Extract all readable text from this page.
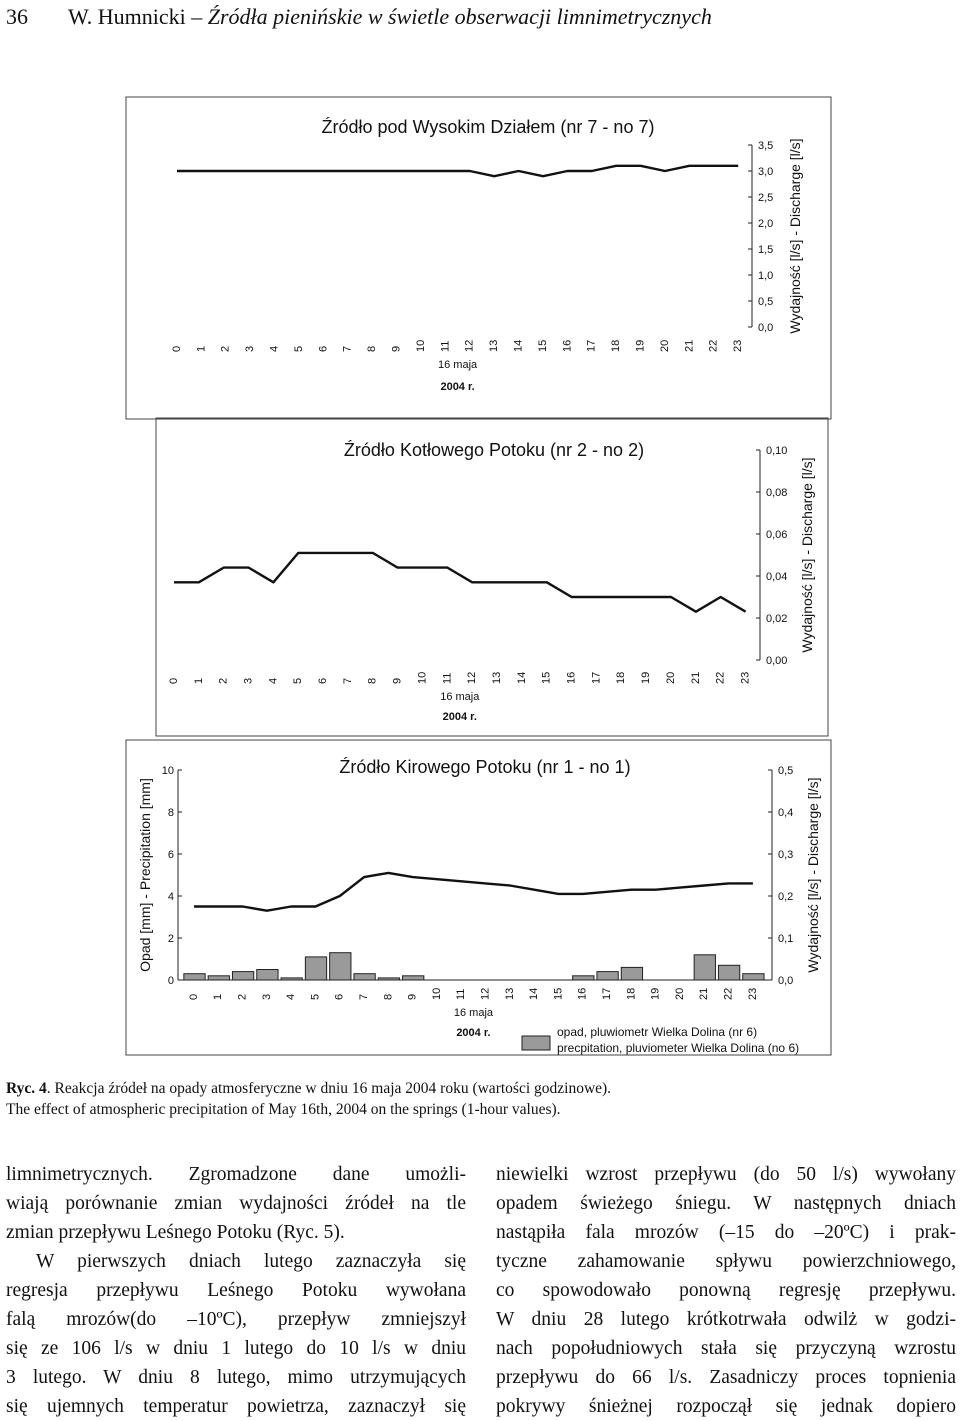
36 W. Humnicki – Źródła pienińskie w świetle obserwacji limnimetrycznych
Źródło pod Wysokim Działem (nr 7 - no 7)
0 1 2 3 4 5 6 7 8 9 10 11 12 13 14 15 16 17 18 19 20 21 22 23
16 maja
2004 r.
0,0
0,5
1,0
1,5
2,0
2,5
3,0
3,5 Wydajność [l/s] - Discharge [l/s]
Źródło Kotłowego Potoku (nr 2 - no 2)
0 1 2 3 4 5 6 7 8 9 10 11 12 13 14 15 16 17 18 19 20 21 22 23
16 maja
2004 r.
0,00
0,02
0,04
0,06
0,08
0,10
Wydajność [l/s] - Discharge [l/s]
Źródło Kirowego Potoku (nr 1 - no 1)
0 1 2 3 4 5 6 7 8 9 10 11 12 13 14 15 16 17 18 19 20 21 22 23
16 maja
2004 r.
0,0
0,1
0,2
0,3
0,4
0,5
Wydajność [l/s] - Discharge [l/s]
0
2
4
6
8
10
Opad [mm] - Precipitation [mm]
opad, pluwiometr Wielka Dolina (nr 6)
precpitation, pluviometer Wielka Dolina (no 6)
Ryc. 4. Reakcja źródeł na opady atmosferyczne w dniu 16 maja 2004 roku (wartości godzinowe).
The effect of atmospheric precipitation of May 16th, 2004 on the springs (1-hour values).
limnimetrycznych. Zgromadzone dane umożli-
wiają porównanie zmian wydajności źródeł na tle
zmian przepływu Leśnego Potoku (Ryc. 5).
W pierwszych dniach lutego zaznaczyła się
regresja przepływu Leśnego Potoku wywołana
falą mrozów(do –10ºC), przepływ zmniejszył
się ze 106 l/s w dniu 1 lutego do 10 l/s w dniu
3 lutego. W dniu 8 lutego, mimo utrzymujących
się ujemnych temperatur powietrza, zaznaczył się
niewielki wzrost przepływu (do 50 l/s) wywołany
opadem świeżego śniegu. W następnych dniach
nastąpiła fala mrozów (–15 do –20ºC) i prak-
tyczne zahamowanie spływu powierzchniowego,
co spowodowało ponowną regresję przepływu.
W dniu 28 lutego krótkotrwała odwilż w godzi-
nach popołudniowych stała się przyczyną wzrostu
przepływu do 66 l/s. Zasadniczy proces topnienia
pokrywy śnieżnej rozpoczął się jednak dopiero
